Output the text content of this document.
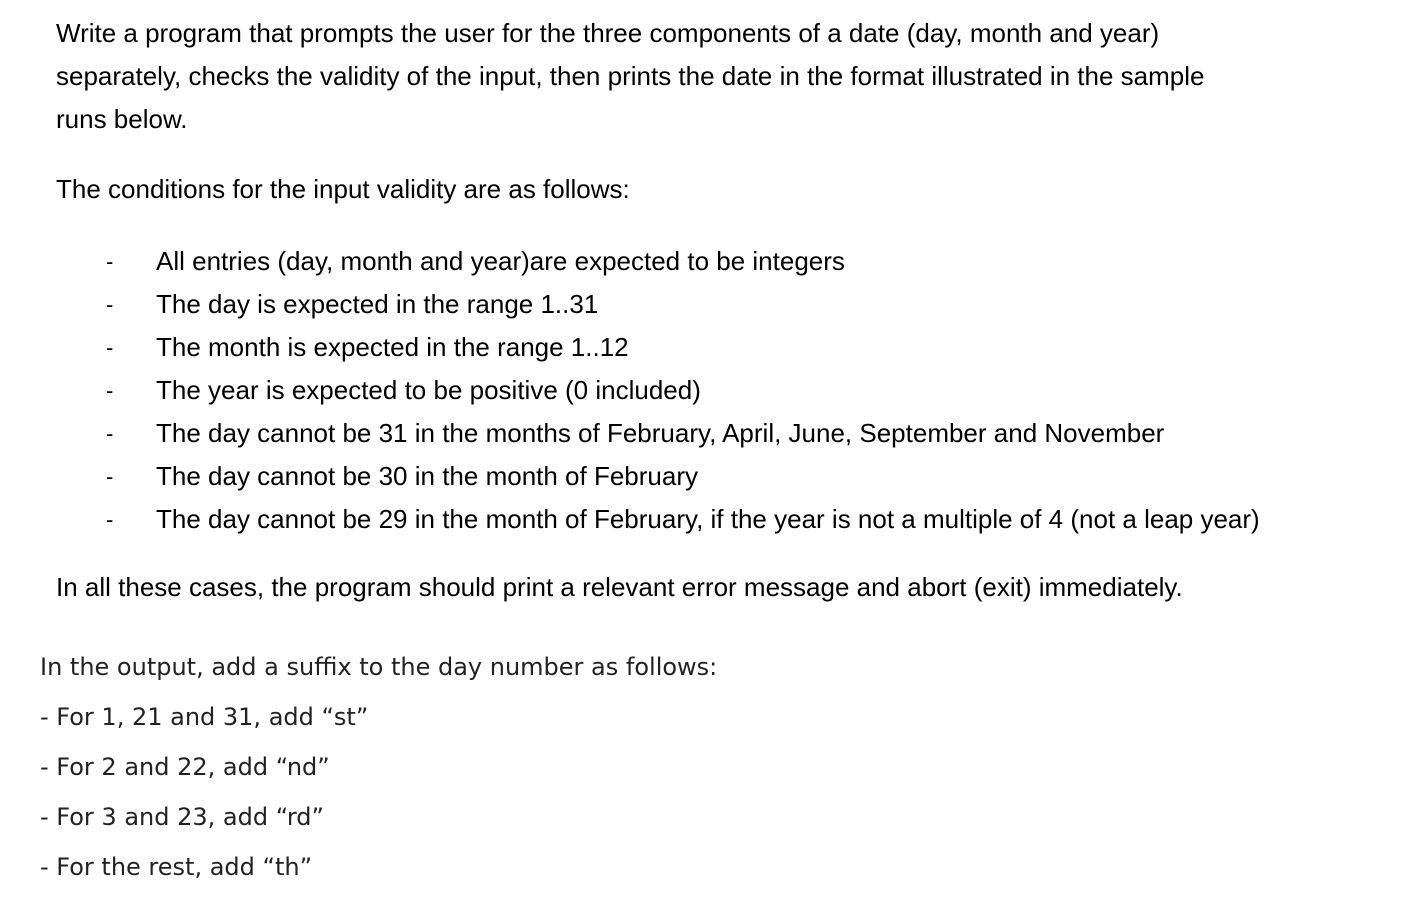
Write a program that prompts the user for the three components of a date (day, month and year)
separately, checks the validity of the input, then prints the date in the format illustrated in the sample
runs below.

The conditions for the input validity are as follows:

- All entries (day, month and year)are expected to be integers
- The day is expected in the range 1..31
- The month is expected in the range 1..12
- The year is expected to be positive (0 included)
- The day cannot be 31 in the months of February, April, June, September and November
- The day cannot be 30 in the month of February
- The day cannot be 29 in the month of February, if the year is not a multiple of 4 (not a leap year)

In all these cases, the program should print a relevant error message and abort (exit) immediately.

In the output, add a suffix to the day number as follows:
- For 1, 21 and 31, add “st”
- For 2 and 22, add “nd”
- For 3 and 23, add “rd”
- For the rest, add “th”
